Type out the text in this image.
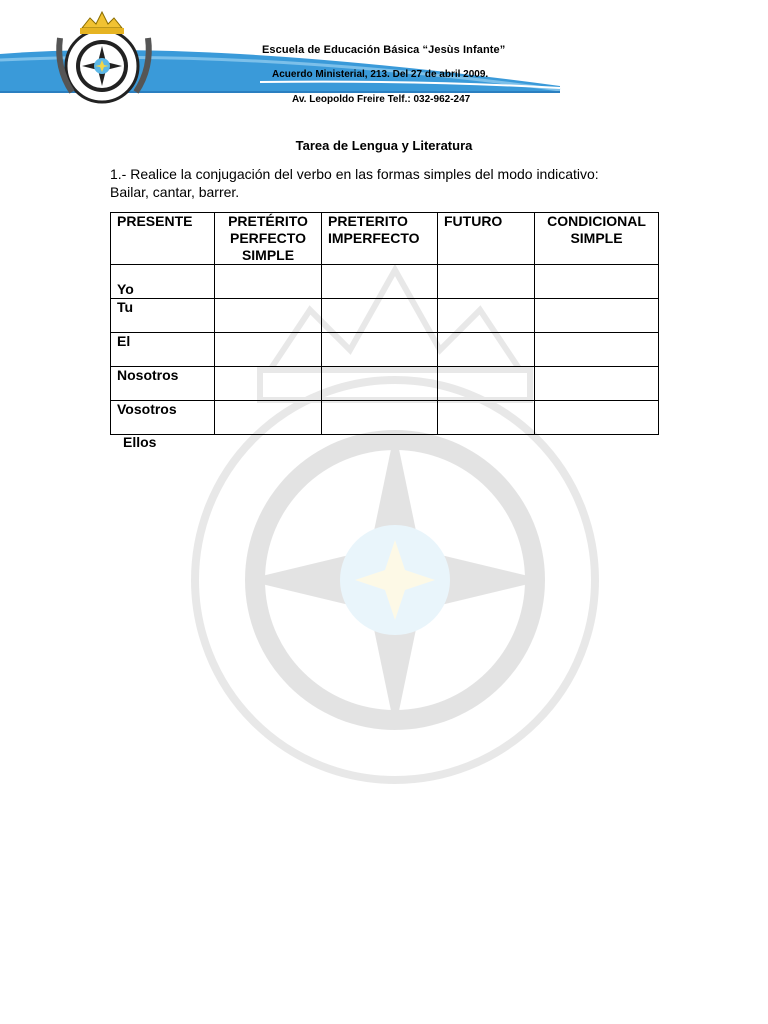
Escuela de Educación Básica “Jesùs Infante”
Acuerdo Ministerial, 213. Del 27 de abril 2009.
Av. Leopoldo Freire Telf.: 032-962-247
Tarea de Lengua y Literatura
1.- Realice la conjugación del verbo en las formas simples del modo indicativo:
Bailar, cantar, barrer.
PRESENTE	PRETÉRITO PERFECTO SIMPLE	PRETERITO IMPERFECTO	FUTURO	CONDICIONAL SIMPLE
Yo				
Tu				
El				
Nosotros				
Vosotros				
Ellos
